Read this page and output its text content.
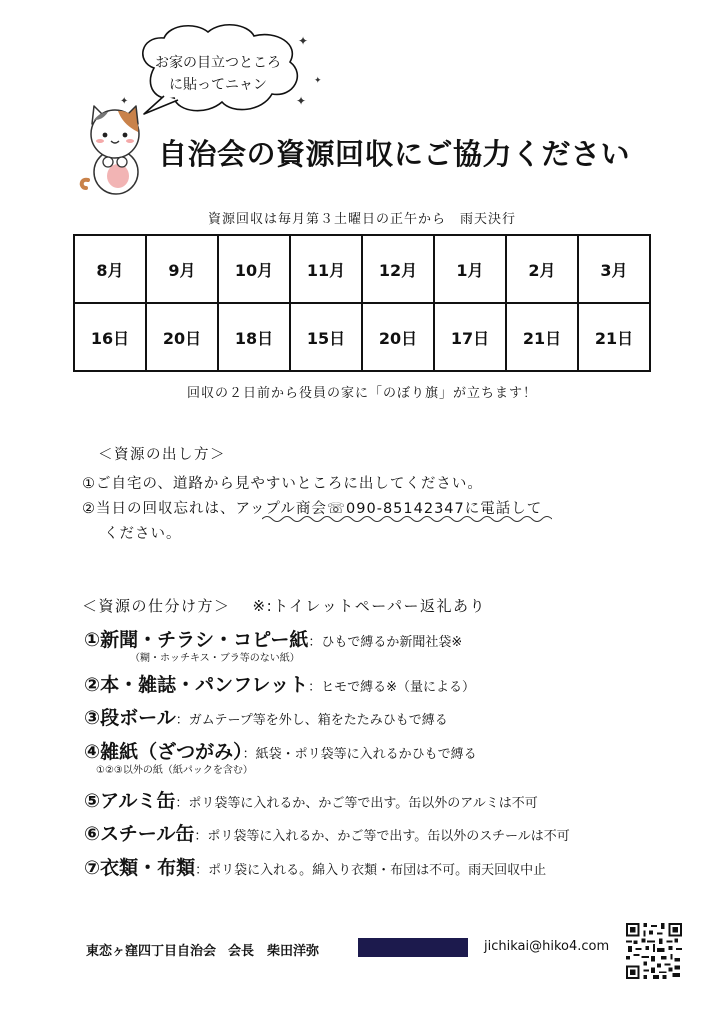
お家の目立つところ
に貼ってニャン
✦
✦
✦
✦
自治会の資源回収にご協力ください
資源回収は毎月第３土曜日の正午から　雨天決行
8月	9月	10月	11月	12月	1月	2月	3月
16日	20日	18日	15日	20日	17日	21日	21日
回収の２日前から役員の家に「のぼり旗」が立ちます！
＜資源の出し方＞
①ご自宅の、道路から見やすいところに出してください。
②当日の回収忘れは、アップル商会☏090-85142347に電話して
ください。
＜資源の仕分け方＞ ※:トイレットペーパー返礼あり
①新聞・チラシ・コピー紙：ひもで縛るか新聞社袋※
（糊・ホッチキス・ブラ等のない紙）
②本・雑誌・パンフレット：ヒモで縛る※（量による）
③段ボール：ガムテープ等を外し、箱をたたみひもで縛る
④雑紙（ざつがみ）：紙袋・ポリ袋等に入れるかひもで縛る
①②③以外の紙（紙パックを含む）
⑤アルミ缶：ポリ袋等に入れるか、かご等で出す。缶以外のアルミは不可
⑥スチール缶：ポリ袋等に入れるか、かご等で出す。缶以外のスチールは不可
⑦衣類・布類：ポリ袋に入れる。綿入り衣類・布団は不可。雨天回収中止
東恋ヶ窪四丁目自治会 会長　柴田洋弥	jichikai@hiko4.com
